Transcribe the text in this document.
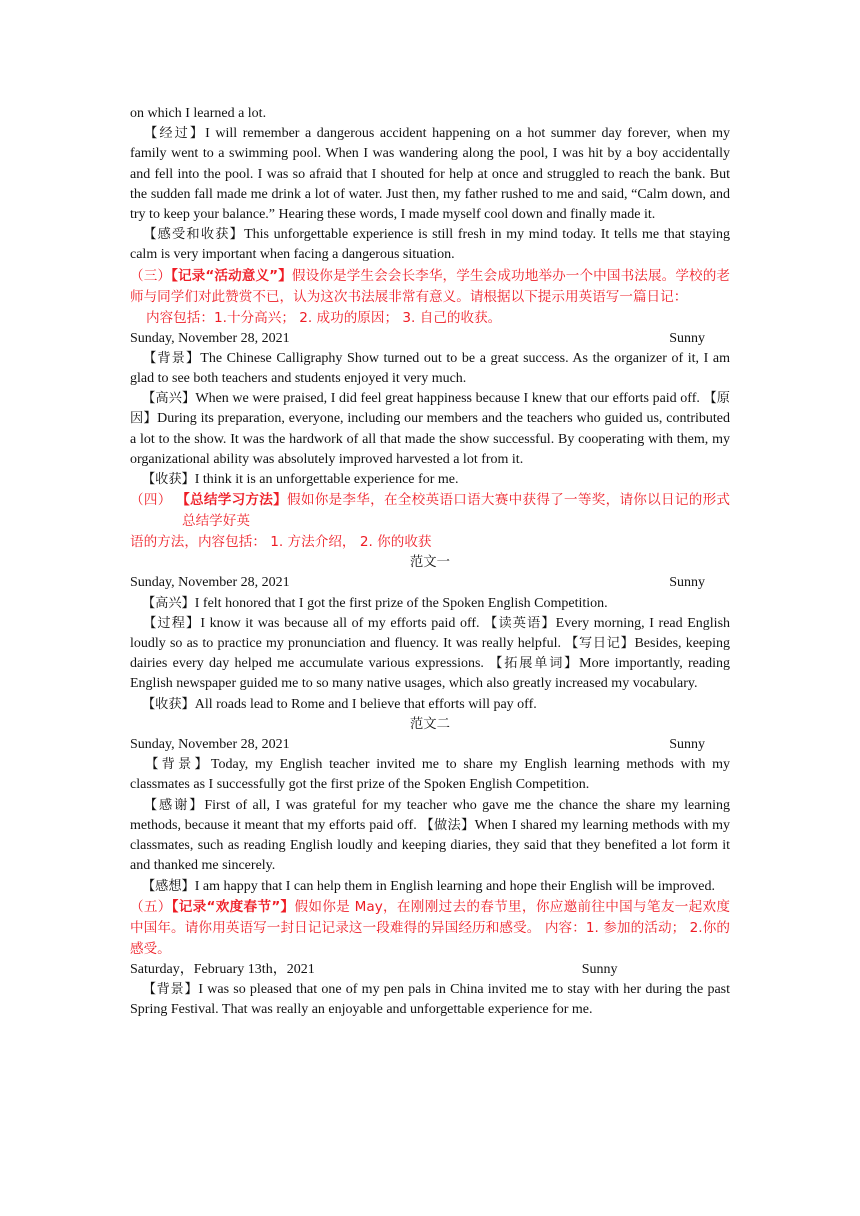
on which I learned a lot.

【经过】I will remember a dangerous accident happening on a hot summer day forever, when my family went to a swimming pool. When I was wandering along the pool, I was hit by a boy accidentally and fell into the pool. I was so afraid that I shouted for help at once and struggled to reach the bank. But the sudden fall made me drink a lot of water. Just then, my father rushed to me and said, “Calm down, and try to keep your balance.” Hearing these words, I made myself cool down and finally made it.

【感受和收获】This unforgettable experience is still fresh in my mind today. It tells me that staying calm is very important when facing a dangerous situation.

（三）【记录“活动意义”】假设你是学生会会长李华，学生会成功地举办一个中国书法展。学校的老师与同学们对此赞赏不已，认为这次书法展非常有意义。请根据以下提示用英语写一篇日记：

内容包括：1.十分高兴； 2. 成功的原因； 3. 自己的收获。

Sunday, November 28, 2021	Sunny

【背景】The Chinese Calligraphy Show turned out to be a great success. As the organizer of it, I am glad to see both teachers and students enjoyed it very much.

【高兴】When we were praised, I did feel great happiness because I knew that our efforts paid off. 【原因】During its preparation, everyone, including our members and the teachers who guided us, contributed a lot to the show. It was the hardwork of all that made the show successful. By cooperating with them, my organizational ability was absolutely improved harvested a lot from it.

【收获】I think it is an unforgettable experience for me.

（四） 【总结学习方法】假如你是李华，在全校英语口语大赛中获得了一等奖，请你以日记的形式总结学好英

语的方法，内容包括： 1. 方法介绍， 2. 你的收获

范文一

Sunday, November 28, 2021	Sunny

【高兴】I felt honored that I got the first prize of the Spoken English Competition.

【过程】I know it was because all of my efforts paid off. 【读英语】Every morning, I read English loudly so as to practice my pronunciation and fluency. It was really helpful. 【写日记】Besides, keeping dairies every day helped me accumulate various expressions. 【拓展单词】More importantly, reading English newspaper guided me to so many native usages, which also greatly increased my vocabulary.

【收获】All roads lead to Rome and I believe that efforts will pay off.

范文二

Sunday, November 28, 2021	Sunny

【背景】Today, my English teacher invited me to share my English learning methods with my classmates as I successfully got the first prize of the Spoken English Competition.

【感谢】First of all, I was grateful for my teacher who gave me the chance the share my learning methods, because it meant that my efforts paid off. 【做法】When I shared my learning methods with my classmates, such as reading English loudly and keeping diaries, they said that they benefited a lot form it and thanked me sincerely.

【感想】I am happy that I can help them in English learning and hope their English will be improved.

（五）【记录“欢度春节”】假如你是 May，在刚刚过去的春节里，你应邀前往中国与笔友一起欢度中国年。请你用英语写一封日记记录这一段难得的异国经历和感受。 内容：1. 参加的活动； 2.你的感受。

Saturday，February 13th，2021	Sunny

【背景】I was so pleased that one of my pen pals in China invited me to stay with her during the past Spring Festival. That was really an enjoyable and unforgettable experience for me.
